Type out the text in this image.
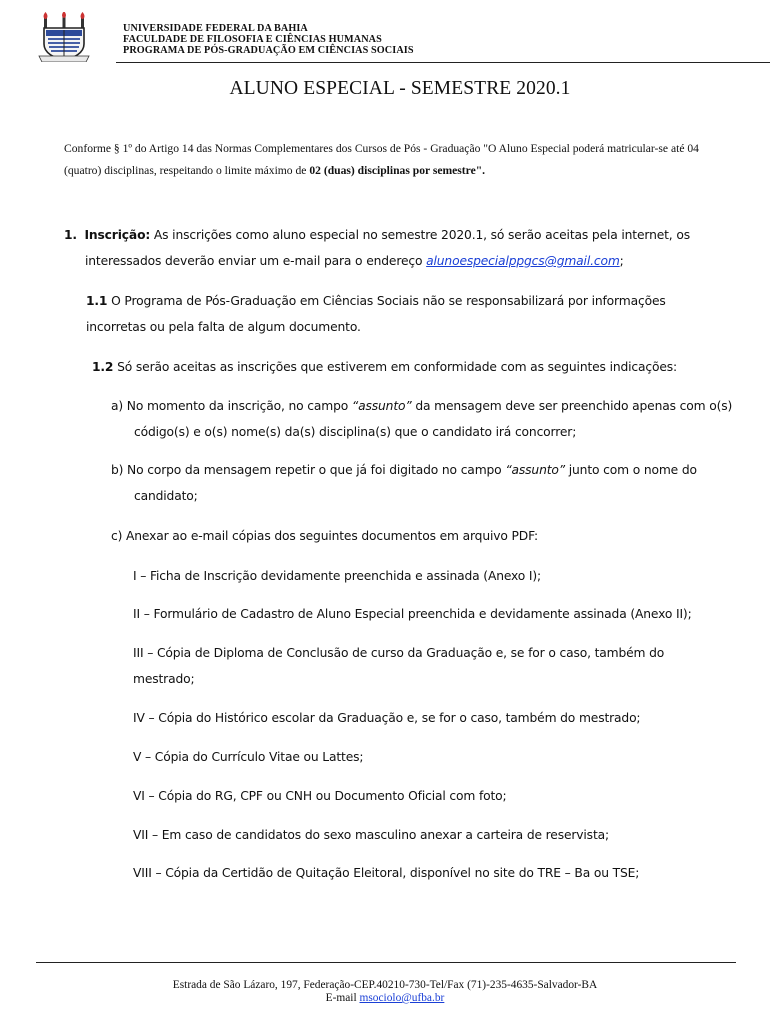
UNIVERSIDADE FEDERAL DA BAHIA
FACULDADE DE FILOSOFIA E CIÊNCIAS HUMANAS
PROGRAMA DE PÓS-GRADUAÇÃO EM CIÊNCIAS SOCIAIS
ALUNO ESPECIAL - SEMESTRE 2020.1
Conforme § 1º do Artigo 14 das Normas Complementares dos Cursos de Pós - Graduação "O Aluno Especial poderá matricular-se até 04 (quatro) disciplinas, respeitando o limite máximo de 02 (duas) disciplinas por semestre".
1. Inscrição: As inscrições como aluno especial no semestre 2020.1, só serão aceitas pela internet, os interessados deverão enviar um e-mail para o endereço alunoespecialppgcs@gmail.com;
1.1 O Programa de Pós-Graduação em Ciências Sociais não se responsabilizará por informações incorretas ou pela falta de algum documento.
1.2 Só serão aceitas as inscrições que estiverem em conformidade com as seguintes indicações:
a) No momento da inscrição, no campo “assunto” da mensagem deve ser preenchido apenas com o(s) código(s) e o(s) nome(s) da(s) disciplina(s) que o candidato irá concorrer;
b) No corpo da mensagem repetir o que já foi digitado no campo “assunto” junto com o nome do candidato;
c) Anexar ao e-mail cópias dos seguintes documentos em arquivo PDF:
I – Ficha de Inscrição devidamente preenchida e assinada (Anexo I);
II – Formulário de Cadastro de Aluno Especial preenchida e devidamente assinada (Anexo II);
III – Cópia de Diploma de Conclusão de curso da Graduação e, se for o caso, também do mestrado;
IV – Cópia do Histórico escolar da Graduação e, se for o caso, também do mestrado;
V – Cópia do Currículo Vitae ou Lattes;
VI – Cópia do RG, CPF ou CNH ou Documento Oficial com foto;
VII – Em caso de candidatos do sexo masculino anexar a carteira de reservista;
VIII – Cópia da Certidão de Quitação Eleitoral, disponível no site do TRE – Ba ou TSE;
Estrada de São Lázaro, 197, Federação-CEP.40210-730-Tel/Fax (71)-235-4635-Salvador-BA
E-mail msociolo@ufba.br
